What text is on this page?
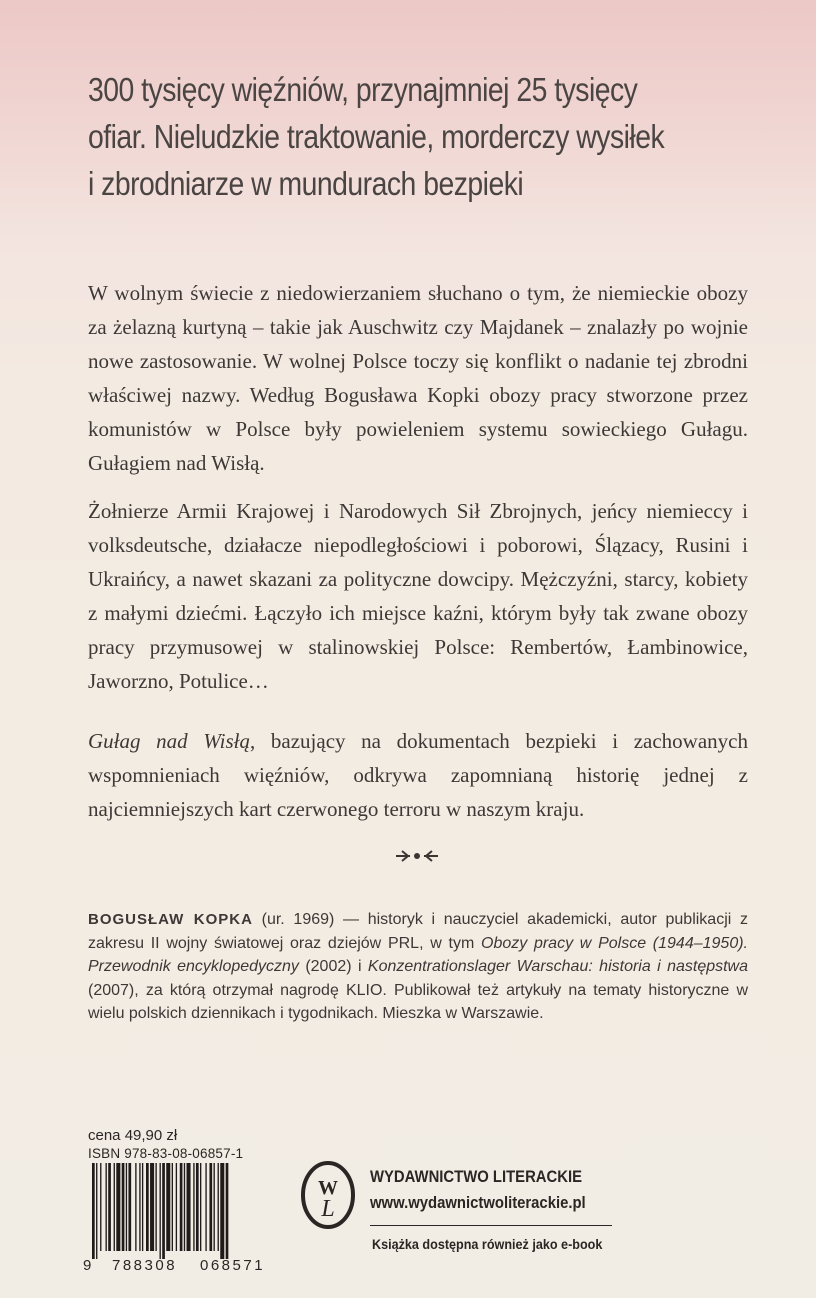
300 tysięcy więźniów, przynajmniej 25 tysięcy
ofiar. Nieludzkie traktowanie, morderczy wysiłek
i zbrodniarze w mundurach bezpieki
W wolnym świecie z niedowierzaniem słuchano o tym, że niemieckie obozy za żelazną kurtyną – takie jak Auschwitz czy Majdanek – znalazły po wojnie nowe zastosowanie. W wolnej Polsce toczy się konflikt o nadanie tej zbrodni właściwej nazwy. Według Bogusława Kopki obozy pracy stworzone przez komunistów w Polsce były powieleniem systemu sowieckiego Gułagu. Gułagiem nad Wisłą.
Żołnierze Armii Krajowej i Narodowych Sił Zbrojnych, jeńcy niemieccy i volksdeutsche, działacze niepodległościowi i poborowi, Ślązacy, Rusini i Ukraińcy, a nawet skazani za polityczne dowcipy. Mężczyźni, starcy, kobiety z małymi dziećmi. Łączyło ich miejsce kaźni, którym były tak zwane obozy pracy przymusowej w stalinowskiej Polsce: Rembertów, Łambinowice, Jaworzno, Potulice…
Gułag nad Wisłą, bazujący na dokumentach bezpieki i zachowanych wspomnieniach więźniów, odkrywa zapomnianą historię jednej z najciemniejszych kart czerwonego terroru w naszym kraju.
BOGUSŁAW KOPKA (ur. 1969) — historyk i nauczyciel akademicki, autor publikacji z zakresu II wojny światowej oraz dziejów PRL, w tym Obozy pracy w Polsce (1944–1950). Przewodnik encyklopedyczny (2002) i Konzentrationslager Warschau: historia i następstwa (2007), za którą otrzymał nagrodę KLIO. Publikował też artykuły na tematy historyczne w wielu polskich dziennikach i tygodnikach. Mieszka w Warszawie.
cena 49,90 zł
ISBN 978-83-08-06857-1
9 788308 068571
W
L
WYDAWNICTWO LITERACKIE
www.wydawnictwoliterackie.pl
Książka dostępna również jako e-book
